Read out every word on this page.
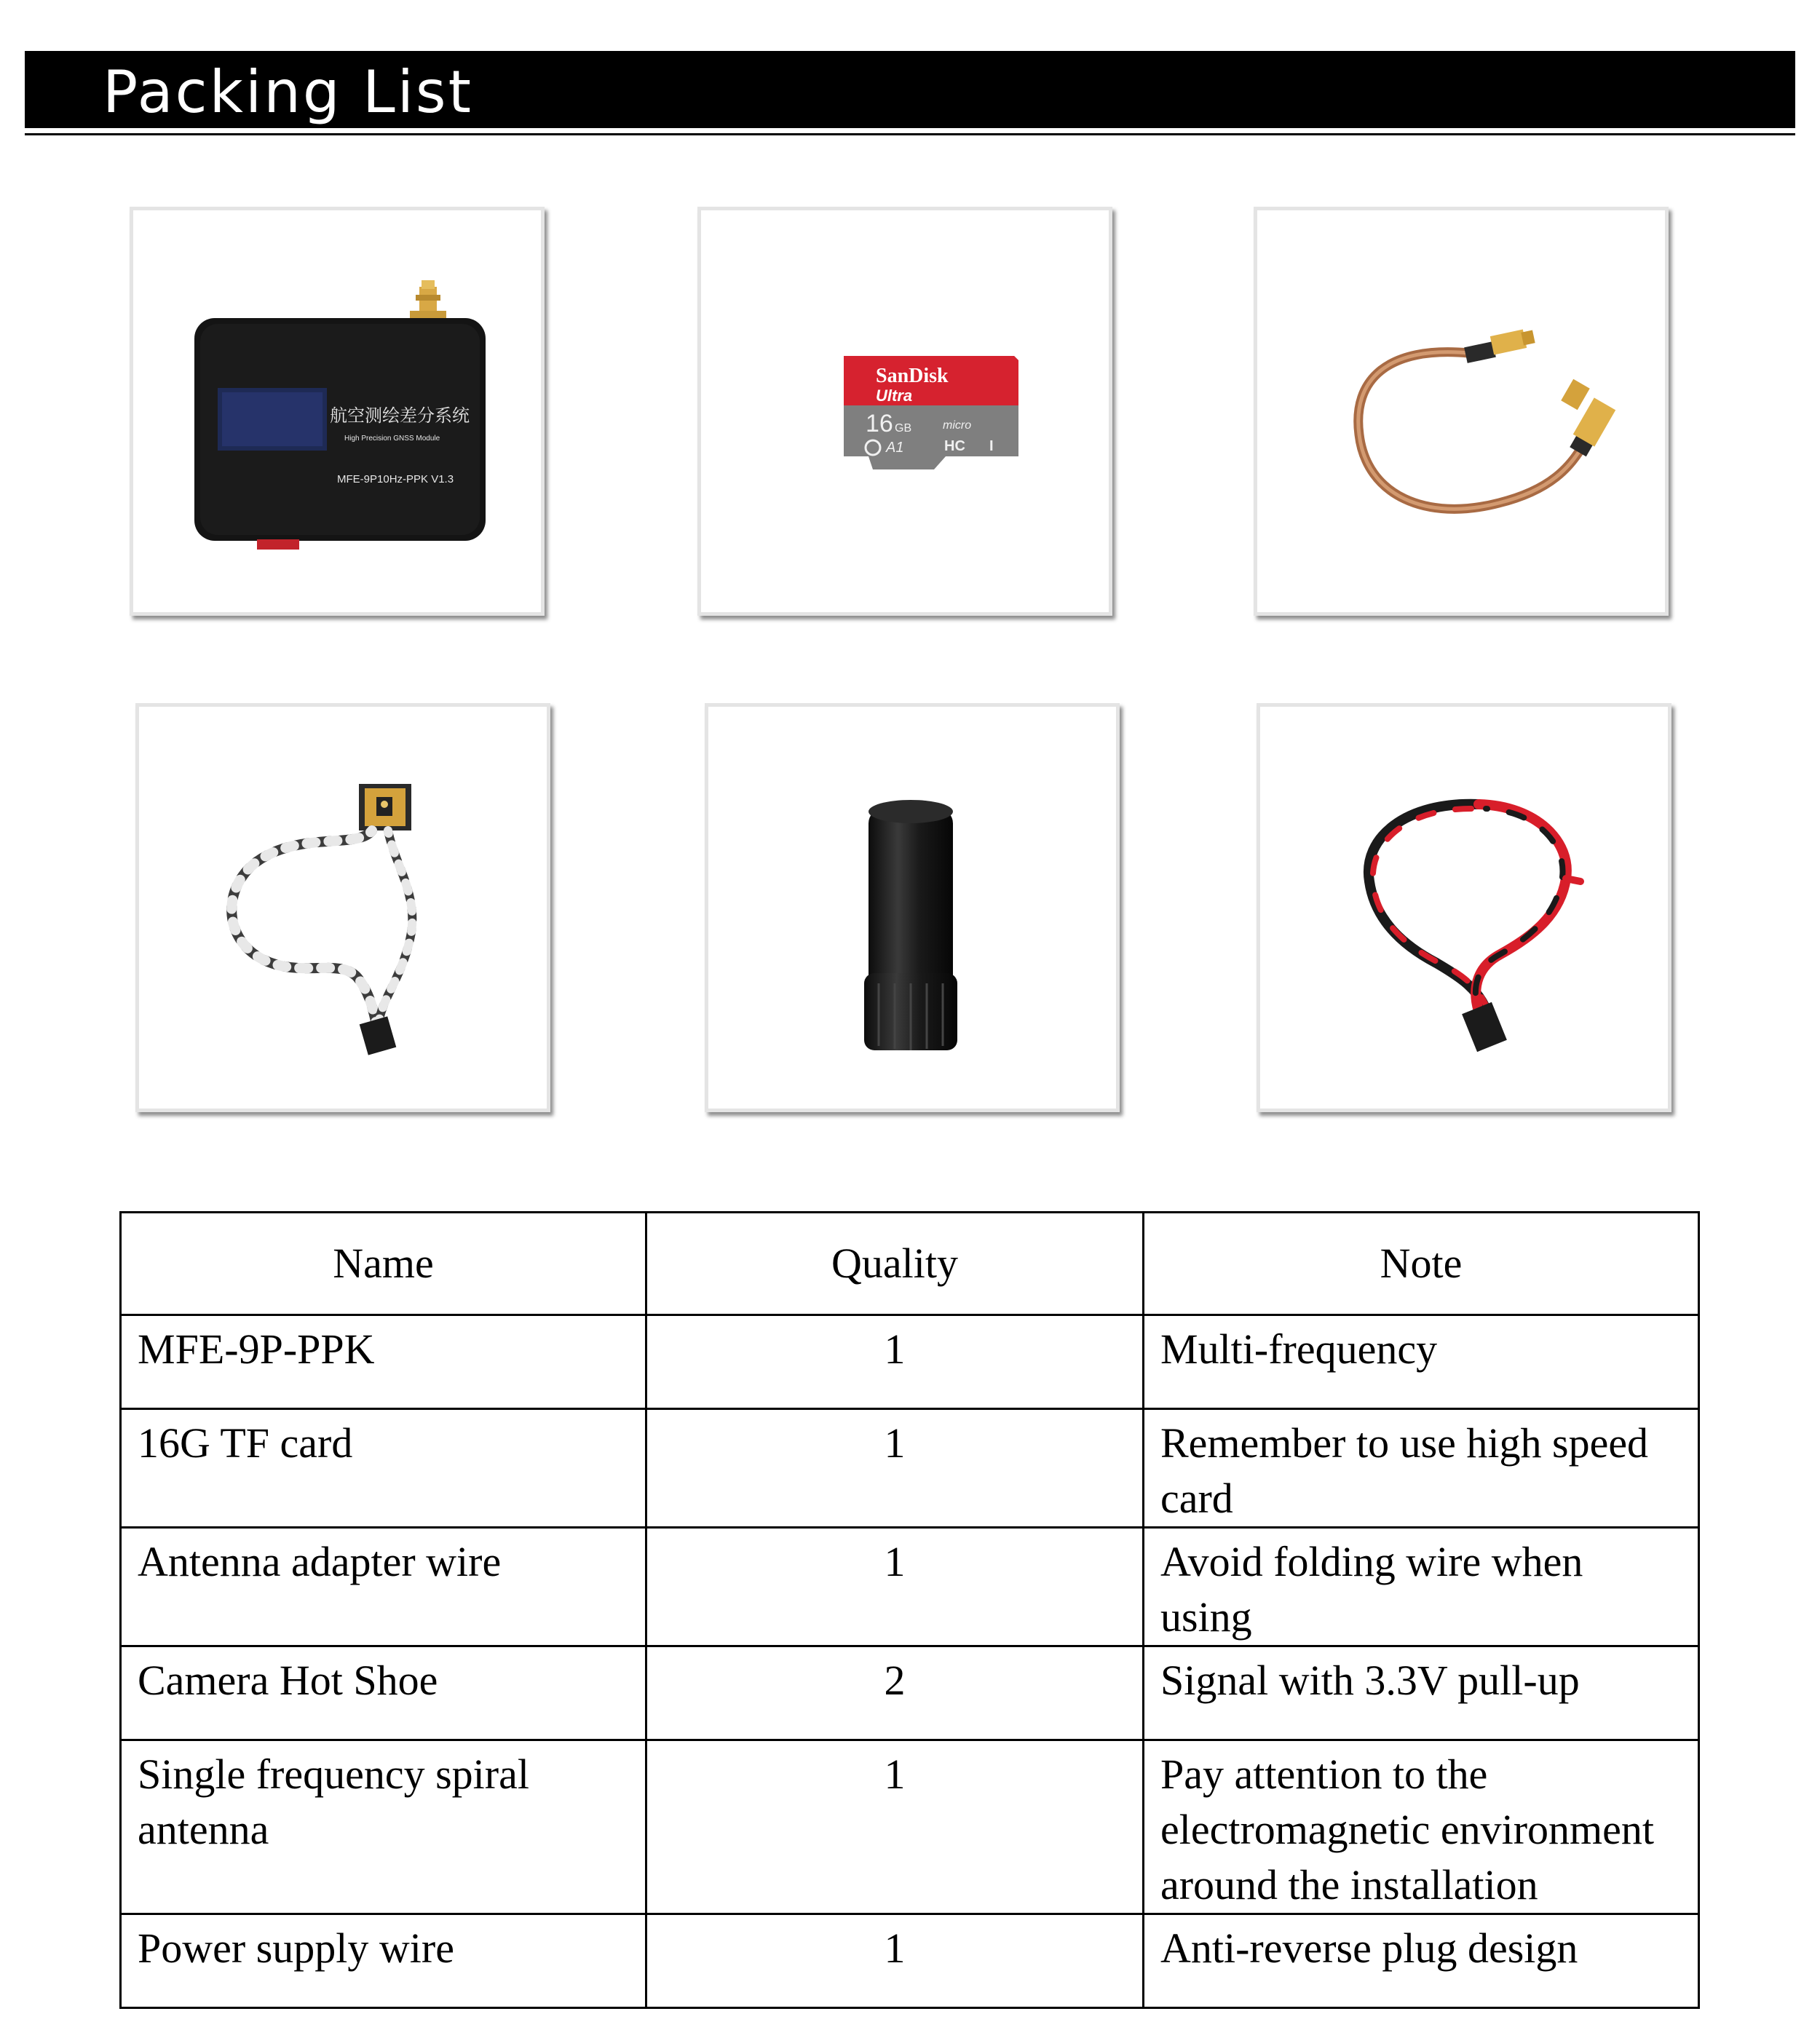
Packing List
航空测绘差分系统
High Precision GNSS Module
MFE-9P10Hz-PPK V1.3
SanDisk
Ultra
16 GB
A1
micro
HC I
Name	Quality	Note
MFE-9P-PPK	1	Multi-frequency
16G TF card	1	Remember to use high speed card
Antenna adapter wire	1	Avoid folding wire when using
Camera Hot Shoe	2	Signal with 3.3V pull-up
Single frequency spiral antenna	1	Pay attention to the electromagnetic environment around the installation
Power supply wire	1	Anti-reverse plug design
